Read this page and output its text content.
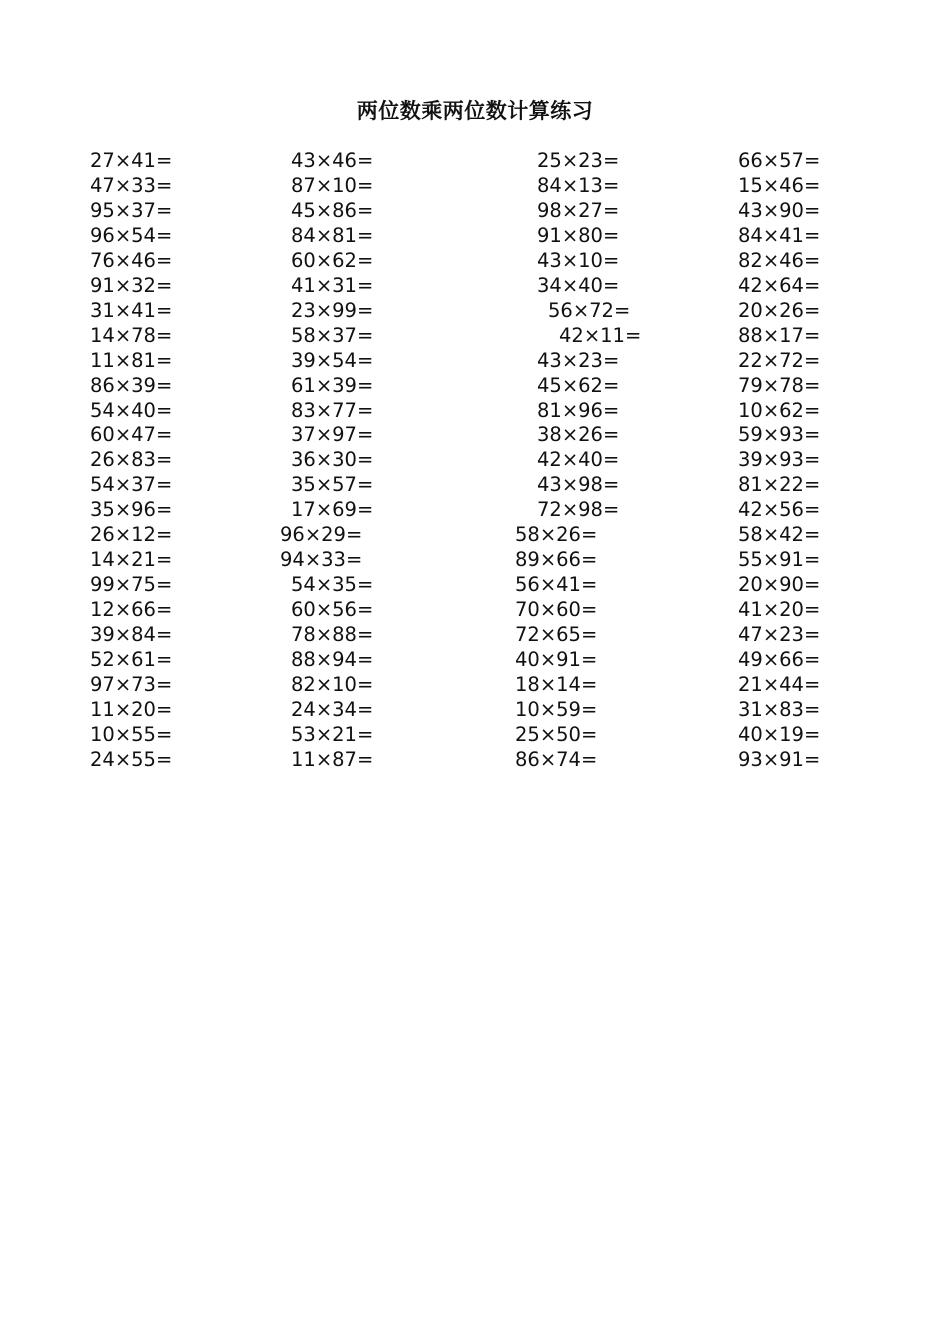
两位数乘两位数计算练习
27×41=
47×33=
95×37=
96×54=
76×46=
91×32=
31×41=
14×78=
11×81=
86×39=
54×40=
60×47=
26×83=
54×37=
35×96=
26×12=
14×21=
99×75=
12×66=
39×84=
52×61=
97×73=
11×20=
10×55=
24×55=
43×46=
87×10=
45×86=
84×81=
60×62=
41×31=
23×99=
58×37=
39×54=
61×39=
83×77=
37×97=
36×30=
35×57=
17×69=
96×29=
94×33=
54×35=
60×56=
78×88=
88×94=
82×10=
24×34=
53×21=
11×87=
25×23=
84×13=
98×27=
91×80=
43×10=
34×40=
56×72=
42×11=
43×23=
45×62=
81×96=
38×26=
42×40=
43×98=
72×98=
58×26=
89×66=
56×41=
70×60=
72×65=
40×91=
18×14=
10×59=
25×50=
86×74=
66×57=
15×46=
43×90=
84×41=
82×46=
42×64=
20×26=
88×17=
22×72=
79×78=
10×62=
59×93=
39×93=
81×22=
42×56=
58×42=
55×91=
20×90=
41×20=
47×23=
49×66=
21×44=
31×83=
40×19=
93×91=
